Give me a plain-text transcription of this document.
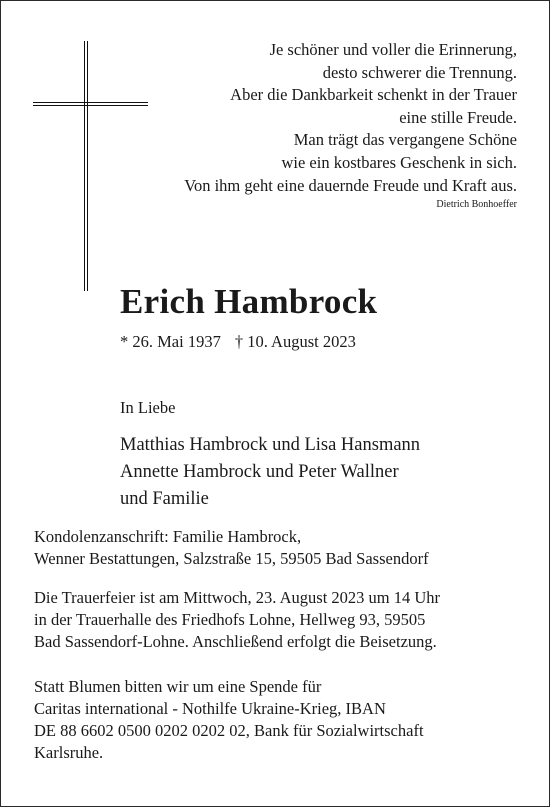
Je schöner und voller die Erinnerung,
desto schwerer die Trennung.
Aber die Dankbarkeit schenkt in der Trauer
eine stille Freude.
Man trägt das vergangene Schöne
wie ein kostbares Geschenk in sich.
Von ihm geht eine dauernde Freude und Kraft aus.
Dietrich Bonhoeffer
Erich Hambrock
* 26. Mai 1937 † 10. August 2023
In Liebe
Matthias Hambrock und Lisa Hansmann
Annette Hambrock und Peter Wallner
und Familie
Kondolenzanschrift: Familie Hambrock,
Wenner Bestattungen, Salzstraße 15, 59505 Bad Sassendorf
Die Trauerfeier ist am Mittwoch, 23. August 2023 um 14 Uhr
in der Trauerhalle des Friedhofs Lohne, Hellweg 93, 59505
Bad Sassendorf-Lohne. Anschließend erfolgt die Beisetzung.
Statt Blumen bitten wir um eine Spende für
Caritas international - Nothilfe Ukraine-Krieg, IBAN
DE 88 6602 0500 0202 0202 02, Bank für Sozialwirtschaft
Karlsruhe.
